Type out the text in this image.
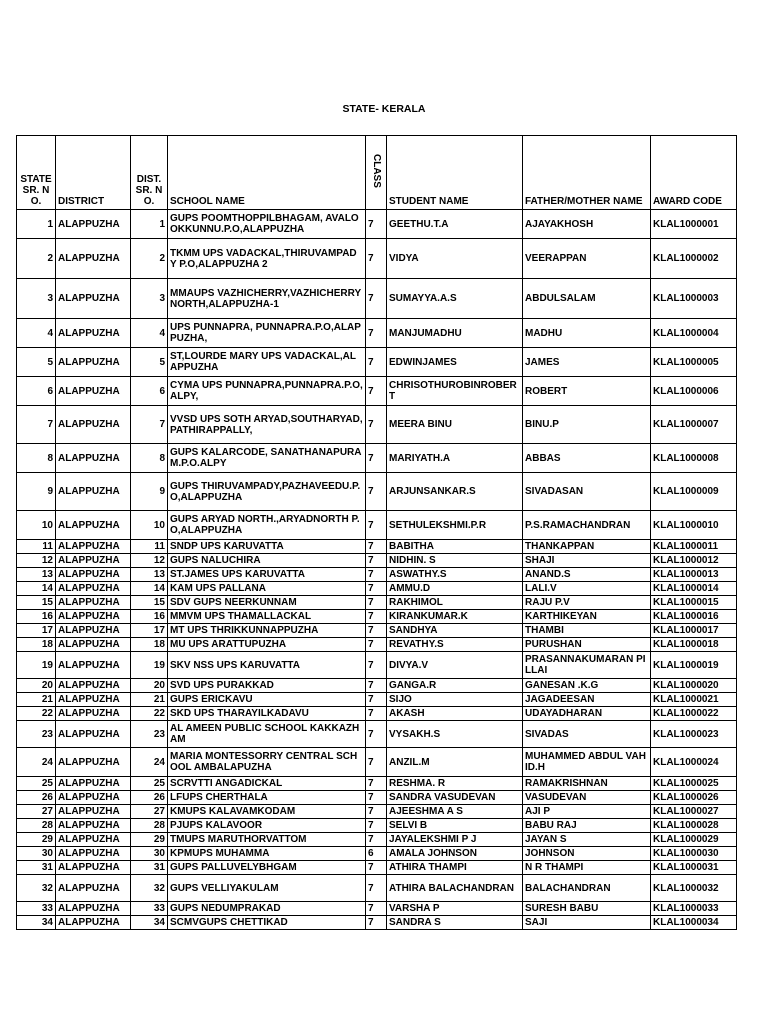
STATE- KERALA
STATE SR. NO.	DISTRICT	DIST. SR. NO.	SCHOOL NAME	CLASS	STUDENT NAME	FATHER/MOTHER NAME	AWARD CODE
1	ALAPPUZHA	1	GUPS POOMTHOPPILBHAGAM, AVALOOKKUNNU.P.O,ALAPPUZHA	7	GEETHU.T.A	AJAYAKHOSH	KLAL1000001
2	ALAPPUZHA	2	TKMM UPS VADACKAL,THIRUVAMPADY P.O,ALAPPUZHA 2	7	VIDYA	VEERAPPAN	KLAL1000002
3	ALAPPUZHA	3	MMAUPS VAZHICHERRY,VAZHICHERRYNORTH,ALAPPUZHA-1	7	SUMAYYA.A.S	ABDULSALAM	KLAL1000003
4	ALAPPUZHA	4	UPS PUNNAPRA, PUNNAPRA.P.O,ALAPPUZHA,	7	MANJUMADHU	MADHU	KLAL1000004
5	ALAPPUZHA	5	ST,LOURDE MARY UPS VADACKAL,ALAPPUZHA	7	EDWINJAMES	JAMES	KLAL1000005
6	ALAPPUZHA	6	CYMA UPS PUNNAPRA,PUNNAPRA.P.O,ALPY,	7	CHRISOTHUROBINROBERT	ROBERT	KLAL1000006
7	ALAPPUZHA	7	VVSD UPS SOTH ARYAD,SOUTHARYAD,PATHIRAPPALLY,	7	MEERA BINU	BINU.P	KLAL1000007
8	ALAPPUZHA	8	GUPS KALARCODE, SANATHANAPURAM.P.O.ALPY	7	MARIYATH.A	ABBAS	KLAL1000008
9	ALAPPUZHA	9	GUPS THIRUVAMPADY,PAZHAVEEDU.P.O,ALAPPUZHA	7	ARJUNSANKAR.S	SIVADASAN	KLAL1000009
10	ALAPPUZHA	10	GUPS ARYAD NORTH.,ARYADNORTH P.O,ALAPPUZHA	7	SETHULEKSHMI.P.R	P.S.RAMACHANDRAN	KLAL1000010
11	ALAPPUZHA	11	SNDP UPS KARUVATTA	7	BABITHA	THANKAPPAN	KLAL1000011
12	ALAPPUZHA	12	GUPS NALUCHIRA	7	NIDHIN. S	SHAJI	KLAL1000012
13	ALAPPUZHA	13	ST.JAMES UPS KARUVATTA	7	ASWATHY.S	ANAND.S	KLAL1000013
14	ALAPPUZHA	14	KAM UPS PALLANA	7	AMMU.D	LALI.V	KLAL1000014
15	ALAPPUZHA	15	SDV GUPS NEERKUNNAM	7	RAKHIMOL	RAJU P.V	KLAL1000015
16	ALAPPUZHA	16	MMVM UPS THAMALLACKAL	7	KIRANKUMAR.K	KARTHIKEYAN	KLAL1000016
17	ALAPPUZHA	17	MT UPS THRIKKUNNAPPUZHA	7	SANDHYA	THAMBI	KLAL1000017
18	ALAPPUZHA	18	MU UPS ARATTUPUZHA	7	REVATHY.S	PURUSHAN	KLAL1000018
19	ALAPPUZHA	19	SKV NSS UPS KARUVATTA	7	DIVYA.V	PRASANNAKUMARAN PILLAI	KLAL1000019
20	ALAPPUZHA	20	SVD UPS PURAKKAD	7	GANGA.R	GANESAN .K.G	KLAL1000020
21	ALAPPUZHA	21	GUPS ERICKAVU	7	SIJO	JAGADEESAN	KLAL1000021
22	ALAPPUZHA	22	SKD UPS THARAYILKADAVU	7	AKASH	UDAYADHARAN	KLAL1000022
23	ALAPPUZHA	23	AL AMEEN PUBLIC SCHOOL KAKKAZHAM	7	VYSAKH.S	SIVADAS	KLAL1000023
24	ALAPPUZHA	24	MARIA MONTESSORRY CENTRAL SCHOOL AMBALAPUZHA	7	ANZIL.M	MUHAMMED ABDUL VAHID.H	KLAL1000024
25	ALAPPUZHA	25	SCRVTTI ANGADICKAL	7	RESHMA. R	RAMAKRISHNAN	KLAL1000025
26	ALAPPUZHA	26	LFUPS CHERTHALA	7	SANDRA VASUDEVAN	VASUDEVAN	KLAL1000026
27	ALAPPUZHA	27	KMUPS KALAVAMKODAM	7	AJEESHMA A S	AJI P	KLAL1000027
28	ALAPPUZHA	28	PJUPS KALAVOOR	7	SELVI B	BABU RAJ	KLAL1000028
29	ALAPPUZHA	29	TMUPS MARUTHORVATTOM	7	JAYALEKSHMI P J	JAYAN S	KLAL1000029
30	ALAPPUZHA	30	KPMUPS MUHAMMA	6	AMALA JOHNSON	JOHNSON	KLAL1000030
31	ALAPPUZHA	31	GUPS PALLUVELYBHGAM	7	ATHIRA THAMPI	N R THAMPI	KLAL1000031
32	ALAPPUZHA	32	GUPS VELLIYAKULAM	7	ATHIRA BALACHANDRAN	BALACHANDRAN	KLAL1000032
33	ALAPPUZHA	33	GUPS NEDUMPRAKAD	7	VARSHA P	SURESH BABU	KLAL1000033
34	ALAPPUZHA	34	SCMVGUPS CHETTIKAD	7	SANDRA S	SAJI	KLAL1000034
